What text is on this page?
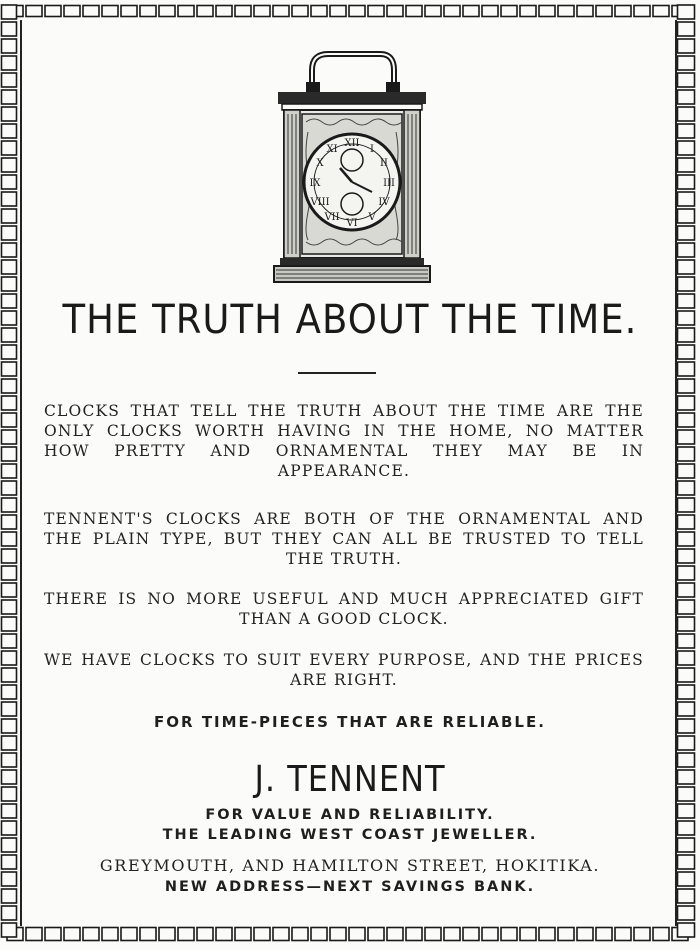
XII
I
II
III
IV
V
VI
VII
VIII
IX
X
XI
THE TRUTH ABOUT THE TIME.
CLOCKS THAT TELL THE TRUTH ABOUT THE TIME ARE THE ONLY CLOCKS WORTH HAVING IN THE HOME, NO MATTER HOW PRETTY AND ORNAMENTAL THEY MAY BE IN APPEARANCE.
TENNENT'S CLOCKS ARE BOTH OF THE ORNAMENTAL AND THE PLAIN TYPE, BUT THEY CAN ALL BE TRUSTED TO TELL THE TRUTH.
THERE IS NO MORE USEFUL AND MUCH APPRECIATED GIFT THAN A GOOD CLOCK.
WE HAVE CLOCKS TO SUIT EVERY PURPOSE, AND THE PRICES ARE RIGHT.
FOR TIME-PIECES THAT ARE RELIABLE.
J. TENNENT
FOR VALUE AND RELIABILITY.
THE LEADING WEST COAST JEWELLER.
GREYMOUTH, AND HAMILTON STREET, HOKITIKA.
NEW ADDRESS—NEXT SAVINGS BANK.
